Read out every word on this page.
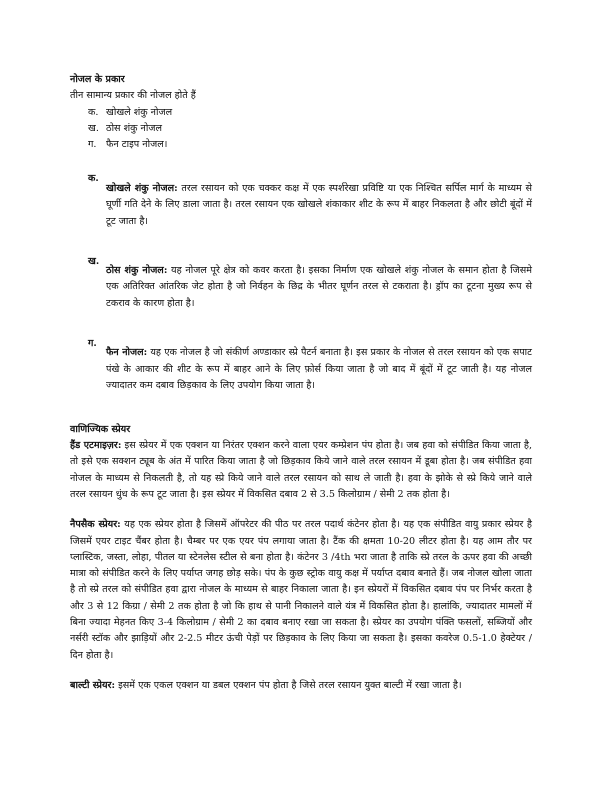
नोजल के प्रकार

तीन सामान्य प्रकार की नोजल होते हैं

क. खोखले शंकु नोजल
ख. ठोस शंकु नोजल
ग. फैन टाइप नोजल।
क.

खोखले शंकु नोजल: तरल रसायन को एक चक्कर कक्ष में एक स्पर्शरेखा प्रविष्टि या एक निश्चित सर्पिल मार्ग के माध्यम से घूर्णी गति देने के लिए डाला जाता है। तरल रसायन एक खोखले शंकाकार शीट के रूप में बाहर निकलता है और छोटी बूंदों में टूट जाता है।

ख.

ठोस शंकु नोजल: यह नोजल पूरे क्षेत्र को कवर करता है। इसका निर्माण एक खोखले शंकु नोजल के समान होता है जिसमे एक अतिरिक्त आंतरिक जेट होता है जो निर्वहन के छिद्र के भीतर घूर्णन तरल से टकराता है। ड्रॉप का टूटना मुख्य रूप से टकराव के कारण होता है।

ग.

फैन नोजल: यह एक नोजल है जो संकीर्ण अण्डाकार स्प्रे पैटर्न बनाता है। इस प्रकार के नोजल से तरल रसायन को एक सपाट पंखे के आकार की शीट के रूप में बाहर आने के लिए फ़ोर्स किया जाता है जो बाद में बूंदों में टूट जाती है। यह नोजल ज्यादातर कम दबाव छिड़काव के लिए उपयोग किया जाता है।

वाणिज्यिक स्प्रेयर

हैंड एटमाइज़र: इस स्प्रेयर में एक एक्शन या निरंतर एक्शन करने वाला एयर कम्प्रेशन पंप होता है। जब हवा को संपीडित किया जाता है, तो इसे एक सक्शन ट्यूब के अंत में पारित किया जाता है जो छिड़काव किये जाने वाले तरल रसायन में डूबा होता है। जब संपीडित हवा नोजल के माध्यम से निकलती है, तो यह स्प्रे किये जाने वाले तरल रसायन को साथ ले जाती है। हवा के झोके से स्प्रे किये जाने वाले तरल रसायन धुंध के रूप टूट जाता है। इस स्प्रेयर में विकसित दबाव 2 से 3.5 किलोग्राम / सेमी 2 तक होता है।

नैपसैक स्प्रेयर: यह एक स्प्रेयर होता है जिसमें ऑपरेटर की पीठ पर तरल पदार्थ कंटेनर होता है। यह एक संपीडित वायु प्रकार स्प्रेयर है जिसमें एयर टाइट चैंबर होता है। चैम्बर पर एक एयर पंप लगाया जाता है। टैंक की क्षमता 10-20 लीटर होता है। यह आम तौर पर प्लास्टिक, जस्ता, लोहा, पीतल या स्टेनलेस स्टील से बना होता है। कंटेनर 3 /4th भरा जाता है ताकि स्प्रे तरल के ऊपर हवा की अच्छी मात्रा को संपीडित करने के लिए पर्याप्त जगह छोड़ सके। पंप के कुछ स्ट्रोक वायु कक्ष में पर्याप्त दबाव बनाते हैं। जब नोजल खोला जाता है तो स्प्रे तरल को संपीडित हवा द्वारा नोजल के माध्यम से बाहर निकाला जाता है। इन स्प्रेयरों में विकसित दबाव पंप पर निर्भर करता है और 3 से 12 किग्रा / सेमी 2 तक होता है जो कि हाथ से पानी निकालने वाले यंत्र में विकसित होता है। हालांकि, ज्यादातर मामलों में बिना ज्यादा मेहनत किए 3-4 किलोग्राम / सेमी 2 का दबाव बनाए रखा जा सकता है। स्प्रेयर का उपयोग पंक्ति फसलों, सब्जियों और नर्सरी स्टॉक और झाड़ियों और 2-2.5 मीटर ऊंची पेड़ों पर छिड़काव के लिए किया जा सकता है। इसका कवरेज 0.5-1.0 हेक्टेयर / दिन होता है।

बाल्टी स्प्रेयर: इसमें एक एकल एक्शन या डबल एक्शन पंप होता है जिसे तरल रसायन युक्त बाल्टी में रखा जाता है।
